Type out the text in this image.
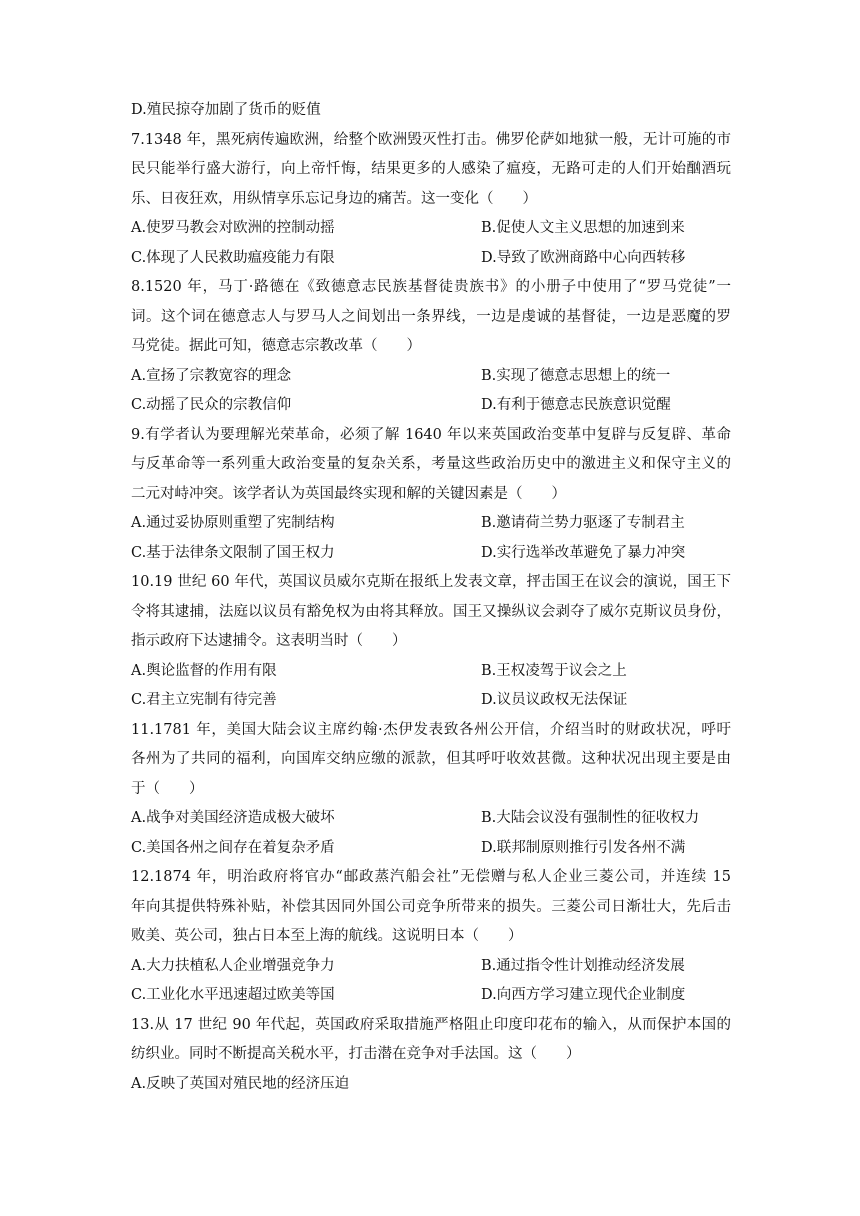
D.殖民掠夺加剧了货币的贬值
7.1348 年，黑死病传遍欧洲，给整个欧洲毁灭性打击。佛罗伦萨如地狱一般，无计可施的市
民只能举行盛大游行，向上帝忏悔，结果更多的人感染了瘟疫，无路可走的人们开始酗酒玩
乐、日夜狂欢，用纵情享乐忘记身边的痛苦。这一变化（　　）
A.使罗马教会对欧洲的控制动摇	B.促使人文主义思想的加速到来
C.体现了人民救助瘟疫能力有限	D.导致了欧洲商路中心向西转移
8.1520 年，马丁·路德在《致德意志民族基督徒贵族书》的小册子中使用了“罗马党徒”一
词。这个词在德意志人与罗马人之间划出一条界线，一边是虔诚的基督徒，一边是恶魔的罗
马党徒。据此可知，德意志宗教改革（　　）
A.宣扬了宗教宽容的理念	B.实现了德意志思想上的统一
C.动摇了民众的宗教信仰	D.有利于德意志民族意识觉醒
9.有学者认为要理解光荣革命，必须了解 1640 年以来英国政治变革中复辟与反复辟、革命
与反革命等一系列重大政治变量的复杂关系，考量这些政治历史中的激进主义和保守主义的
二元对峙冲突。该学者认为英国最终实现和解的关键因素是（　　）
A.通过妥协原则重塑了宪制结构	B.邀请荷兰势力驱逐了专制君主
C.基于法律条文限制了国王权力	D.实行选举改革避免了暴力冲突
10.19 世纪 60 年代，英国议员威尔克斯在报纸上发表文章，抨击国王在议会的演说，国王下
令将其逮捕，法庭以议员有豁免权为由将其释放。国王又操纵议会剥夺了威尔克斯议员身份，
指示政府下达逮捕令。这表明当时（　　）
A.舆论监督的作用有限	B.王权凌驾于议会之上
C.君主立宪制有待完善	D.议员议政权无法保证
11.1781 年，美国大陆会议主席约翰·杰伊发表致各州公开信，介绍当时的财政状况，呼吁
各州为了共同的福利，向国库交纳应缴的派款，但其呼吁收效甚微。这种状况出现主要是由
于（　　）
A.战争对美国经济造成极大破坏	B.大陆会议没有强制性的征收权力
C.美国各州之间存在着复杂矛盾	D.联邦制原则推行引发各州不满
12.1874 年，明治政府将官办“邮政蒸汽船会社”无偿赠与私人企业三菱公司，并连续 15
年向其提供特殊补贴，补偿其因同外国公司竞争所带来的损失。三菱公司日渐壮大，先后击
败美、英公司，独占日本至上海的航线。这说明日本（　　）
A.大力扶植私人企业增强竞争力	B.通过指令性计划推动经济发展
C.工业化水平迅速超过欧美等国	D.向西方学习建立现代企业制度
13.从 17 世纪 90 年代起，英国政府采取措施严格阻止印度印花布的输入，从而保护本国的
纺织业。同时不断提高关税水平，打击潜在竞争对手法国。这（　　）
A.反映了英国对殖民地的经济压迫
